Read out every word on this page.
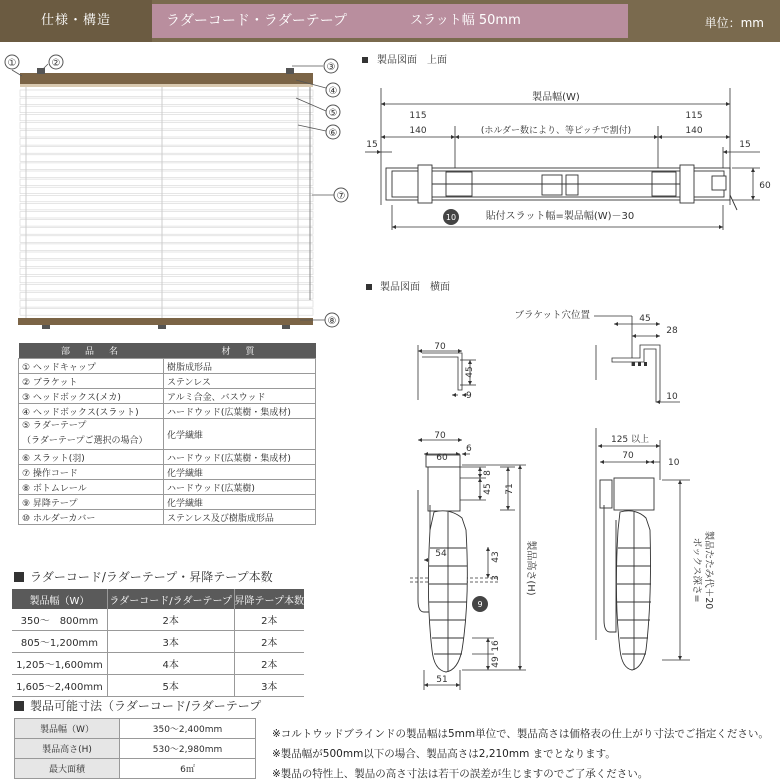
仕様・構造	ラダーコード・ラダーテープ	スラット幅 50mm	単位：mm
①	②	③
④
⑤
⑥
⑦
⑧
製品図面　上面
製品幅(W)
115
140
115
140
(ホルダー数により、等ピッチで割付)
15	15
60
貼付スラット幅=製品幅(W)－30
10
製品図面　横面
70
45
9
70
60
6
8
45 71
製品高さ(H)
54	43
3
16
49
51
9
ブラケット穴位置	45
28
10
125 以上
70
10
ボックス深さ= 製品たたみ代＋20
部　品　名	材　質
① ヘッドキャップ	樹脂成形品
② ブラケット	ステンレス
③ ヘッドボックス(メカ)	アルミ合金、バスウッド
④ ヘッドボックス(スラット)	ハードウッド(広葉樹・集成材)
⑤ ラダーテープ
（ラダーテープご選択の場合）	化学繊維
⑥ スラット(羽)	ハードウッド(広葉樹・集成材)
⑦ 操作コード	化学繊維
⑧ ボトムレール	ハードウッド(広葉樹)
⑨ 昇降テープ	化学繊維
⑩ ホルダーカバー	ステンレス及び樹脂成形品
ラダーコード/ラダーテープ・昇降テープ本数
製品幅（W）	ラダーコード/ラダーテープ	昇降テープ本数
350～　800mm	2本	2本
805～1,200mm	3本	2本
1,205～1,600mm	4本	2本
1,605～2,400mm	5本	3本
製品可能寸法（ラダーコード/ラダーテープ
製品幅（W）	350～2,400mm
製品高さ(H)	530～2,980mm
最大面積	6㎡
※コルトウッドブラインドの製品幅は5mm単位で、製品高さは価格表の仕上がり寸法でご指定ください。
※製品幅が500mm以下の場合、製品高さは2,210mm までとなります。
※製品の特性上、製品の高さ寸法は若干の誤差が生じますのでご了承ください。
